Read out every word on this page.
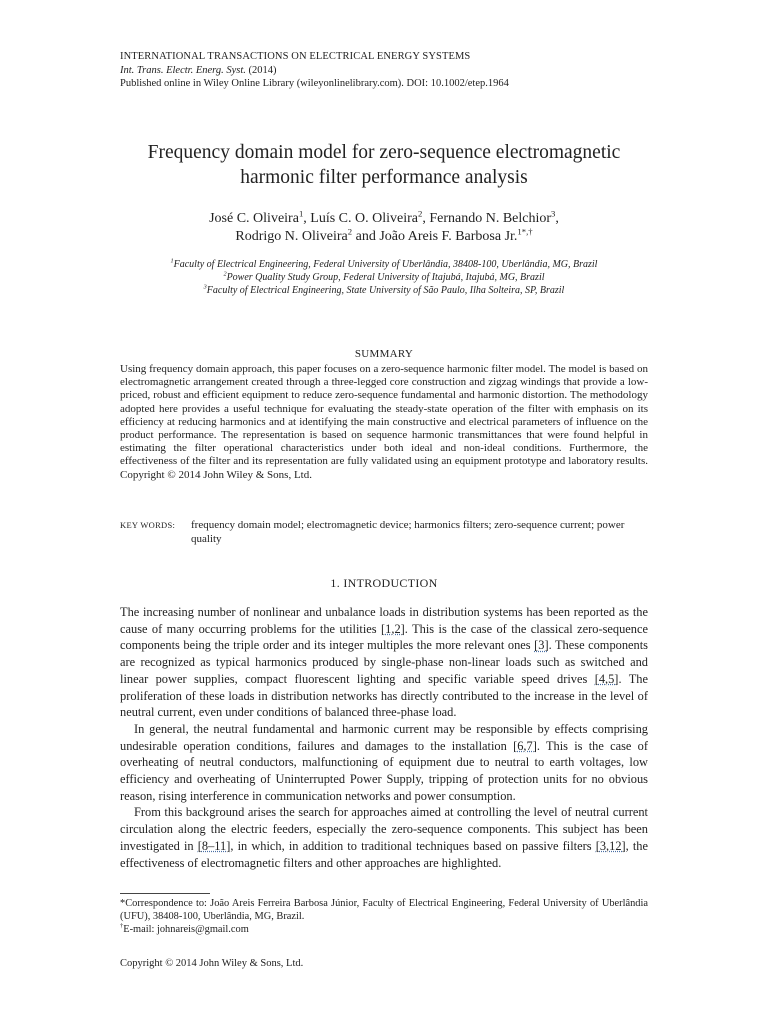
INTERNATIONAL TRANSACTIONS ON ELECTRICAL ENERGY SYSTEMS
Int. Trans. Electr. Energ. Syst. (2014)
Published online in Wiley Online Library (wileyonlinelibrary.com). DOI: 10.1002/etep.1964
Frequency domain model for zero-sequence electromagnetic
harmonic filter performance analysis
José C. Oliveira$^1$, Luís C. O. Oliveira$^2$, Fernando N. Belchior$^3$,
Rodrigo N. Oliveira$^2$ and João Areis F. Barbosa Jr.$^{1*,\dagger}$
$^1$Faculty of Electrical Engineering, Federal University of Uberlândia, 38408-100, Uberlândia, MG, Brazil
$^2$Power Quality Study Group, Federal University of Itajubá, Itajubá, MG, Brazil
$^3$Faculty of Electrical Engineering, State University of São Paulo, Ilha Solteira, SP, Brazil
SUMMARY
Using frequency domain approach, this paper focuses on a zero-sequence harmonic filter model. The model is based on electromagnetic arrangement created through a three-legged core construction and zigzag windings that provide a low-priced, robust and efficient equipment to reduce zero-sequence fundamental and harmonic distortion. The methodology adopted here provides a useful technique for evaluating the steady-state operation of the filter with emphasis on its efficiency at reducing harmonics and at identifying the main constructive and electrical parameters of influence on the product performance. The representation is based on sequence harmonic transmittances that were found helpful in estimating the filter operational characteristics under both ideal and non-ideal conditions. Furthermore, the effectiveness of the filter and its representation are fully validated using an equipment prototype and laboratory results. Copyright © 2014 John Wiley & Sons, Ltd.
KEY WORDS: frequency domain model; electromagnetic device; harmonics filters; zero-sequence current; power quality
1. INTRODUCTION

The increasing number of nonlinear and unbalance loads in distribution systems has been reported as the cause of many occurring problems for the utilities [1,2]. This is the case of the classical zero-sequence components being the triple order and its integer multiples the more relevant ones [3]. These components are recognized as typical harmonics produced by single-phase non-linear loads such as switched and linear power supplies, compact fluorescent lighting and specific variable speed drives [4,5]. The proliferation of these loads in distribution networks has directly contributed to the increase in the level of neutral current, even under conditions of balanced three-phase load.

In general, the neutral fundamental and harmonic current may be responsible by effects comprising undesirable operation conditions, failures and damages to the installation [6,7]. This is the case of overheating of neutral conductors, malfunctioning of equipment due to neutral to earth voltages, low efficiency and overheating of Uninterrupted Power Supply, tripping of protection units for no obvious reason, rising interference in communication networks and power consumption.

From this background arises the search for approaches aimed at controlling the level of neutral current circulation along the electric feeders, especially the zero-sequence components. This subject has been investigated in [8–11], in which, in addition to traditional techniques based on passive filters [3,12], the effectiveness of electromagnetic filters and other approaches are highlighted.

*Correspondence to: João Areis Ferreira Barbosa Júnior, Faculty of Electrical Engineering, Federal University of Uberlândia (UFU), 38408-100, Uberlândia, MG, Brazil.

†E-mail: johnareis@gmail.com

Copyright © 2014 John Wiley & Sons, Ltd.
